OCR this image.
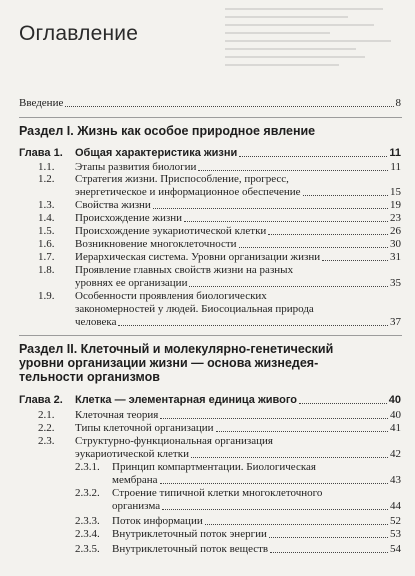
Оглавление
Введение	8
Раздел I. Жизнь как особое природное явление
Глава 1.	Общая характеристика жизни	11
1.1.	Этапы развития биологии	11
1.2.	Стратегия жизни. Приспособление, прогресс,
энергетическое и информационное обеспечение	15
1.3.	Свойства жизни	19
1.4.	Происхождение жизни	23
1.5.	Происхождение эукариотической клетки	26
1.6.	Возникновение многоклеточности	30
1.7.	Иерархическая система. Уровни организации жизни	31
1.8.	Проявление главных свойств жизни на разных
уровнях ее организации	35
1.9.	Особенности проявления биологических
закономерностей у людей. Биосоциальная природа
человека	37
Раздел II. Клеточный и молекулярно-генетический
уровни организации жизни — основа жизнедея-
тельности организмов
Глава 2.	Клетка — элементарная единица живого	40
2.1.	Клеточная теория	40
2.2.	Типы клеточной организации	41
2.3.	Структурно-функциональная организация
эукариотической клетки	42
2.3.1.	Принцип компартментации. Биологическая
мембрана	43
2.3.2.	Строение типичной клетки многоклеточного
организма	44
2.3.3.	Поток информации	52
2.3.4.	Внутриклеточный поток энергии	53
2.3.5.	Внутриклеточный поток веществ	54
